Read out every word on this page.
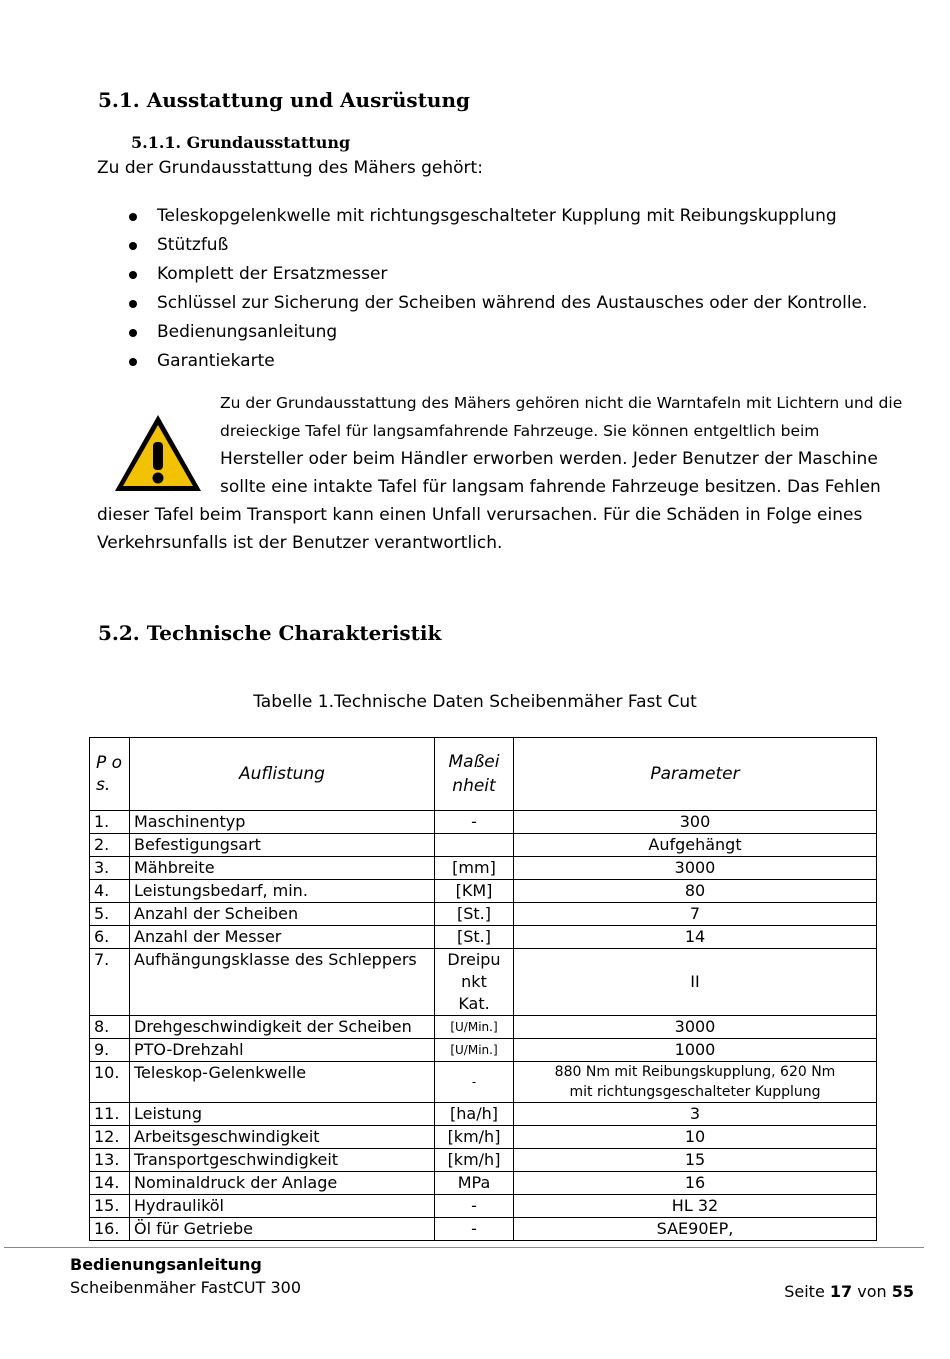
5.1. Ausstattung und Ausrüstung
5.1.1. Grundausstattung
Zu der Grundausstattung des Mähers gehört:
Teleskopgelenkwelle mit richtungsgeschalteter Kupplung mit Reibungskupplung
Stützfuß
Komplett der Ersatzmesser
Schlüssel zur Sicherung der Scheiben während des Austausches oder der Kontrolle.
Bedienungsanleitung
Garantiekarte
Zu der Grundausstattung des Mähers gehören nicht die Warntafeln mit Lichtern und die
dreieckige Tafel für langsamfahrende Fahrzeuge. Sie können entgeltlich beim
Hersteller oder beim Händler erworben werden. Jeder Benutzer der Maschine
sollte eine intakte Tafel für langsam fahrende Fahrzeuge besitzen. Das Fehlen
dieser Tafel beim Transport kann einen Unfall verursachen. Für die Schäden in Folge eines
Verkehrsunfalls ist der Benutzer verantwortlich.
5.2. Technische Charakteristik
Tabelle 1.Technische Daten Scheibenmäher Fast Cut
P o s.	Auflistung	Maßei nheit	Parameter
1.	Maschinentyp	-	300
2.	Befestigungsart		Aufgehängt
3.	Mähbreite	[mm]	3000
4.	Leistungsbedarf, min.	[KM]	80
5.	Anzahl der Scheiben	[St.]	7
6.	Anzahl der Messer	[St.]	14
7.	Aufhängungsklasse des Schleppers	Dreipu nkt Kat.	II
8.	Drehgeschwindigkeit der Scheiben	[U/Min.]	3000
9.	PTO-Drehzahl	[U/Min.]	1000
10.	Teleskop-Gelenkwelle	-	880 Nm mit Reibungskupplung, 620 Nm mit richtungsgeschalteter Kupplung
11.	Leistung	[ha/h]	3
12.	Arbeitsgeschwindigkeit	[km/h]	10
13.	Transportgeschwindigkeit	[km/h]	15
14.	Nominaldruck der Anlage	MPa	16
15.	Hydrauliköl	-	HL 32
16.	Öl für Getriebe	-	SAE90EP,
Bedienungsanleitung
Scheibenmäher FastCUT 300	Seite 17 von 55
